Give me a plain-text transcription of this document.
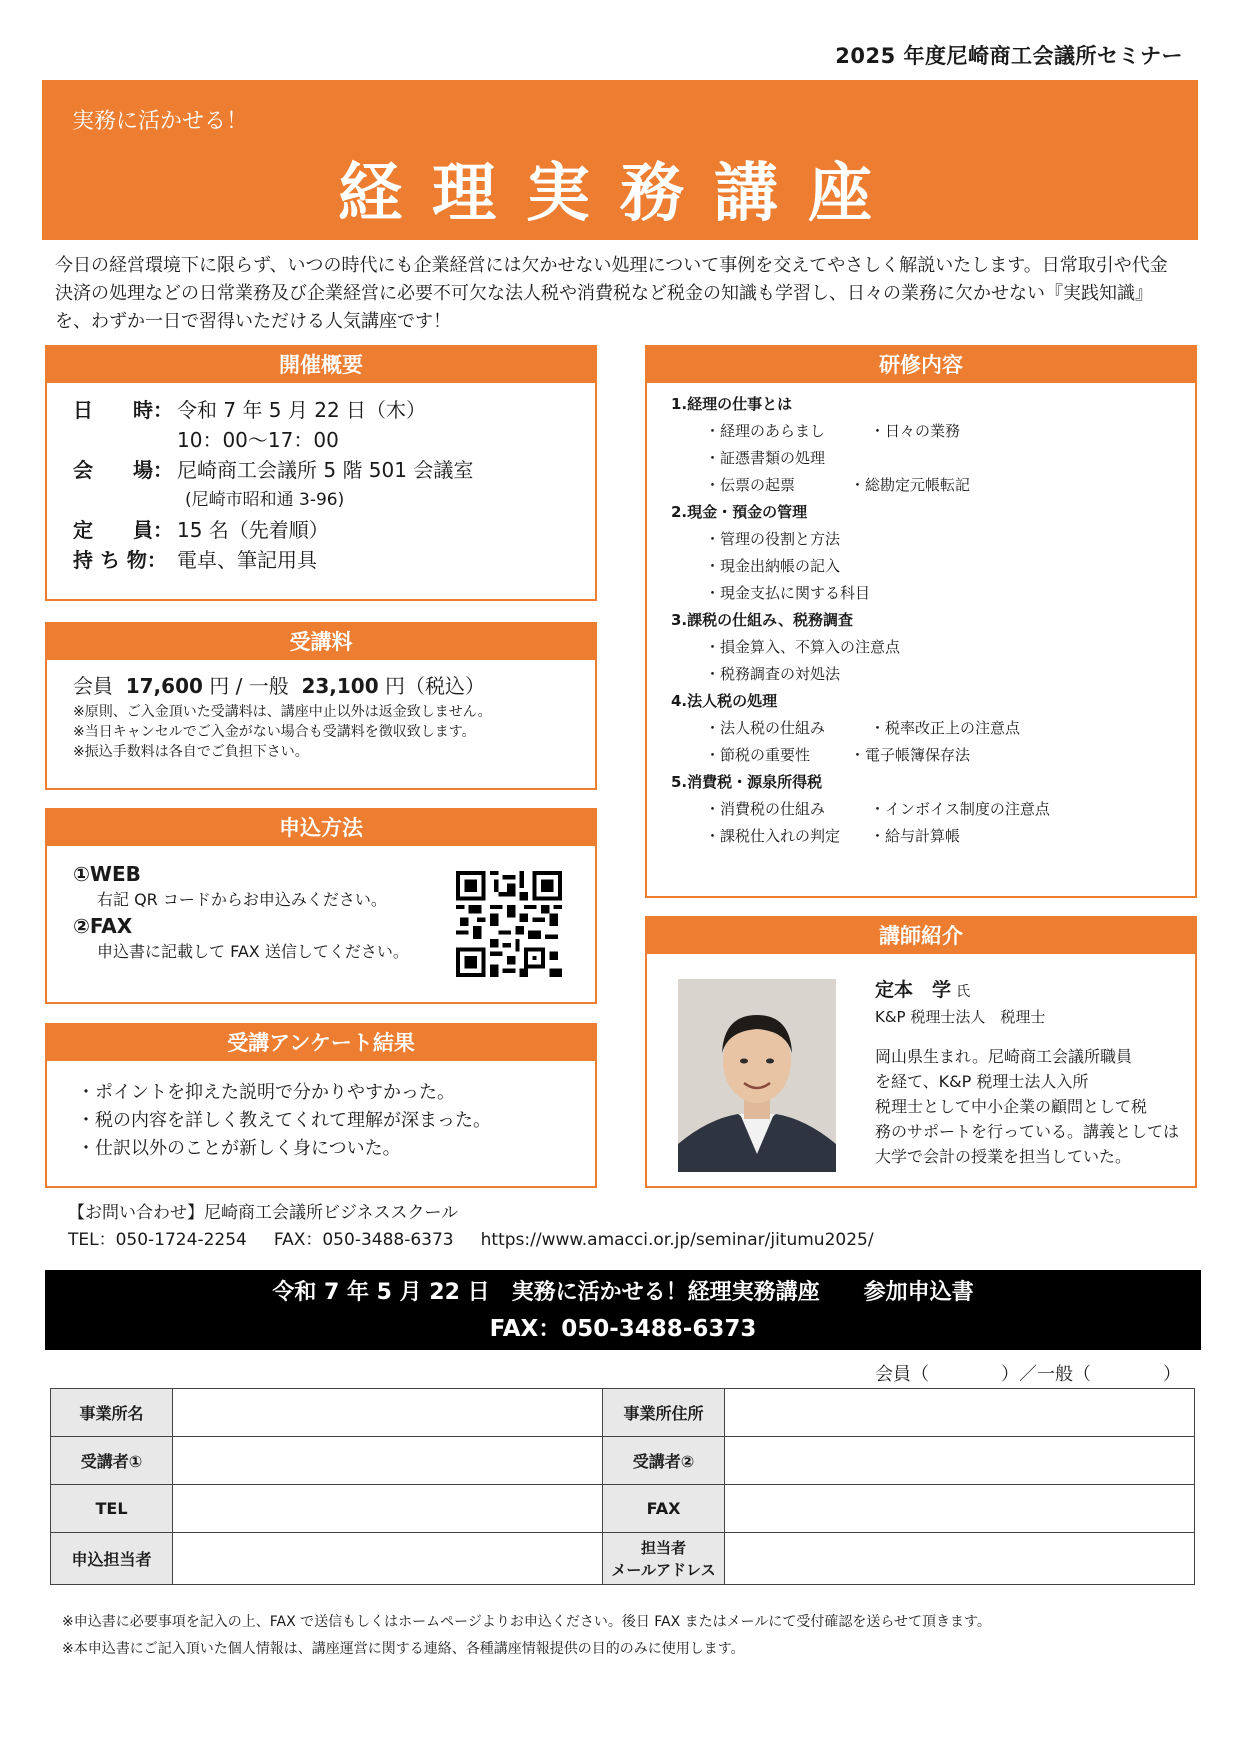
2025 年度尼崎商工会議所セミナー
実務に活かせる！
経理実務講座
今日の経営環境下に限らず、いつの時代にも企業経営には欠かせない処理について事例を交えてやさしく解説いたします。日常取引や代金決済の処理などの日常業務及び企業経営に必要不可欠な法人税や消費税など税金の知識も学習し、日々の業務に欠かせない『実践知識』を、わずか一日で習得いただける人気講座です！
開催概要
日　　時： 令和 7 年 5 月 22 日（木）
10：00～17：00
会　　場： 尼崎商工会議所 5 階 501 会議室
(尼崎市昭和通 3-96)
定　　員： 15 名（先着順）
持 ち 物： 電卓、筆記用具
受講料
会員 17,600 円 / 一般 23,100 円（税込）
※原則、ご入金頂いた受講料は、講座中止以外は返金致しません。
※当日キャンセルでご入金がない場合も受講料を徴収致します。
※振込手数料は各自でご負担下さい。
申込方法
①WEB
右記 QR コードからお申込みください。
②FAX
申込書に記載して FAX 送信してください。
受講アンケート結果
・ポイントを抑えた説明で分かりやすかった。
・税の内容を詳しく教えてくれて理解が深まった。
・仕訳以外のことが新しく身についた。
研修内容
1.経理の仕事とは
・経理のあらまし	・日々の業務
・証憑書類の処理
・伝票の起票	・総勘定元帳転記
2.現金・預金の管理
・管理の役割と方法
・現金出納帳の記入
・現金支払に関する科目
3.課税の仕組み、税務調査
・損金算入、不算入の注意点
・税務調査の対処法
4.法人税の処理
・法人税の仕組み	・税率改正上の注意点
・節税の重要性	・電子帳簿保存法
5.消費税・源泉所得税
・消費税の仕組み	・インボイス制度の注意点
・課税仕入れの判定	・給与計算帳
講師紹介
定本　学 氏
K&P 税理士法人　税理士
岡山県生まれ。尼崎商工会議所職員
を経て、K&P 税理士法人入所
税理士として中小企業の顧問として税
務のサポートを行っている。講義としては
大学で会計の授業を担当していた。
【お問い合わせ】尼崎商工会議所ビジネススクール
TEL：050-1724-2254 FAX：050-3488-6373 https://www.amacci.or.jp/seminar/jitumu2025/
令和 7 年 5 月 22 日　実務に活かせる！経理実務講座　　参加申込書
FAX：050-3488-6373
会員（　　　　）／一般（　　　　）
事業所名		事業所住所	
受講者①		受講者②	
TEL		FAX	
申込担当者		担当者
メールアドレス	

※申込書に必要事項を記入の上、FAX で送信もしくはホームページよりお申込ください。後日 FAX またはメールにて受付確認を送らせて頂きます。
※本申込書にご記入頂いた個人情報は、講座運営に関する連絡、各種講座情報提供の目的のみに使用します。
